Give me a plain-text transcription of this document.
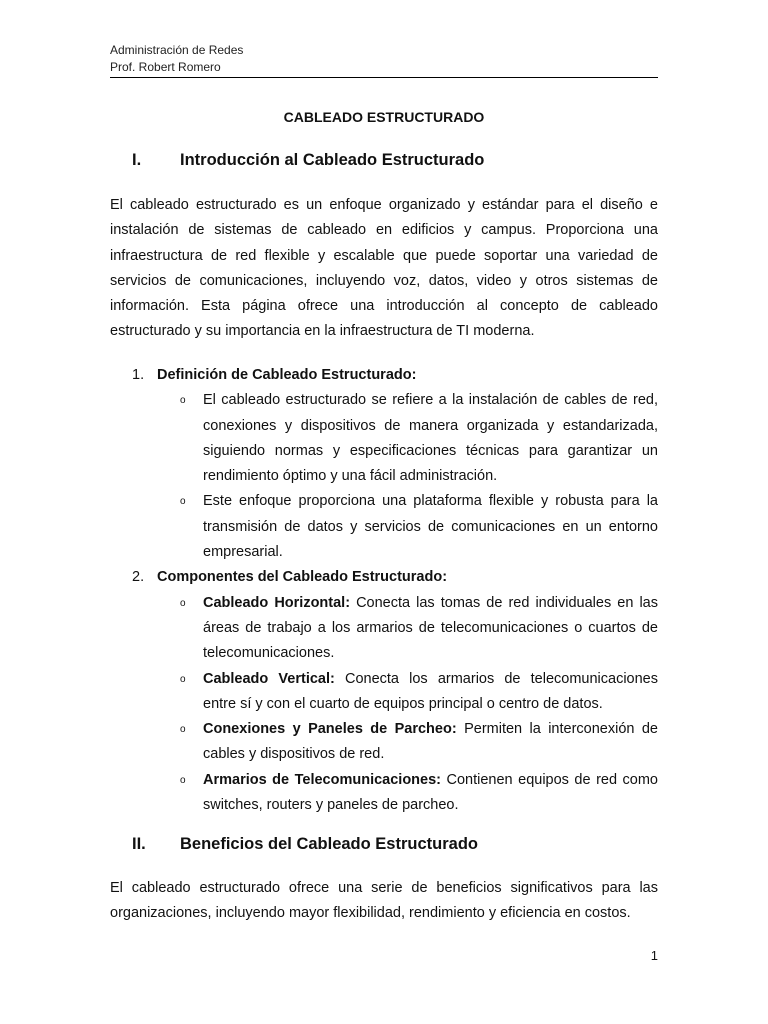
Administración de Redes
Prof. Robert Romero
CABLEADO ESTRUCTURADO
I. Introducción al Cableado Estructurado
El cableado estructurado es un enfoque organizado y estándar para el diseño e instalación de sistemas de cableado en edificios y campus. Proporciona una infraestructura de red flexible y escalable que puede soportar una variedad de servicios de comunicaciones, incluyendo voz, datos, video y otros sistemas de información. Esta página ofrece una introducción al concepto de cableado estructurado y su importancia en la infraestructura de TI moderna.
1. Definición de Cableado Estructurado:
o El cableado estructurado se refiere a la instalación de cables de red, conexiones y dispositivos de manera organizada y estandarizada, siguiendo normas y especificaciones técnicas para garantizar un rendimiento óptimo y una fácil administración.
o Este enfoque proporciona una plataforma flexible y robusta para la transmisión de datos y servicios de comunicaciones en un entorno empresarial.
2. Componentes del Cableado Estructurado:
o Cableado Horizontal: Conecta las tomas de red individuales en las áreas de trabajo a los armarios de telecomunicaciones o cuartos de telecomunicaciones.
o Cableado Vertical: Conecta los armarios de telecomunicaciones entre sí y con el cuarto de equipos principal o centro de datos.
o Conexiones y Paneles de Parcheo: Permiten la interconexión de cables y dispositivos de red.
o Armarios de Telecomunicaciones: Contienen equipos de red como switches, routers y paneles de parcheo.
II. Beneficios del Cableado Estructurado
El cableado estructurado ofrece una serie de beneficios significativos para las organizaciones, incluyendo mayor flexibilidad, rendimiento y eficiencia en costos.
1
